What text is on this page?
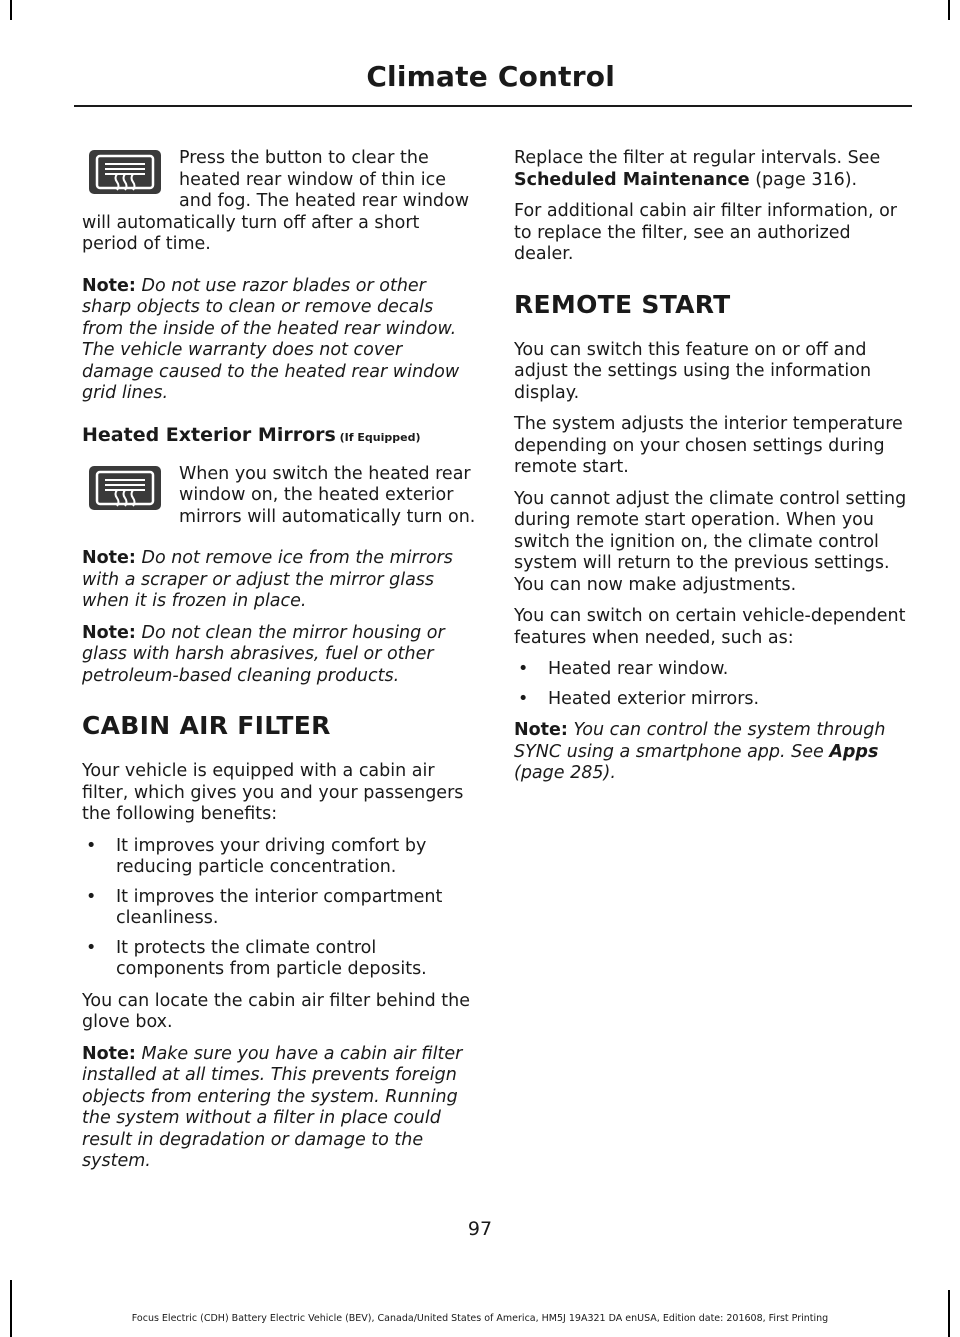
Climate Control

Press the button to clear the heated rear window of thin ice and fog. The heated rear window will automatically turn off after a short period of time.

Note: Do not use razor blades or other sharp objects to clean or remove decals from the inside of the heated rear window. The vehicle warranty does not cover damage caused to the heated rear window grid lines.

Heated Exterior Mirrors (If Equipped)

When you switch the heated rear window on, the heated exterior mirrors will automatically turn on.

Note: Do not remove ice from the mirrors with a scraper or adjust the mirror glass when it is frozen in place.

Note: Do not clean the mirror housing or glass with harsh abrasives, fuel or other petroleum-based cleaning products.

CABIN AIR FILTER

Your vehicle is equipped with a cabin air filter, which gives you and your passengers the following benefits:

• It improves your driving comfort by reducing particle concentration.
• It improves the interior compartment cleanliness.
• It protects the climate control components from particle deposits.

You can locate the cabin air filter behind the glove box.

Note: Make sure you have a cabin air filter installed at all times. This prevents foreign objects from entering the system. Running the system without a filter in place could result in degradation or damage to the system.

Replace the filter at regular intervals. See Scheduled Maintenance (page 316).

For additional cabin air filter information, or to replace the filter, see an authorized dealer.

REMOTE START

You can switch this feature on or off and adjust the settings using the information display.

The system adjusts the interior temperature depending on your chosen settings during remote start.

You cannot adjust the climate control setting during remote start operation. When you switch the ignition on, the climate control system will return to the previous settings. You can now make adjustments.

You can switch on certain vehicle-dependent features when needed, such as:

• Heated rear window.
• Heated exterior mirrors.

Note: You can control the system through SYNC using a smartphone app. See Apps (page 285).

97
Focus Electric (CDH) Battery Electric Vehicle (BEV), Canada/United States of America, HM5J 19A321 DA enUSA, Edition date: 201608, First Printing
